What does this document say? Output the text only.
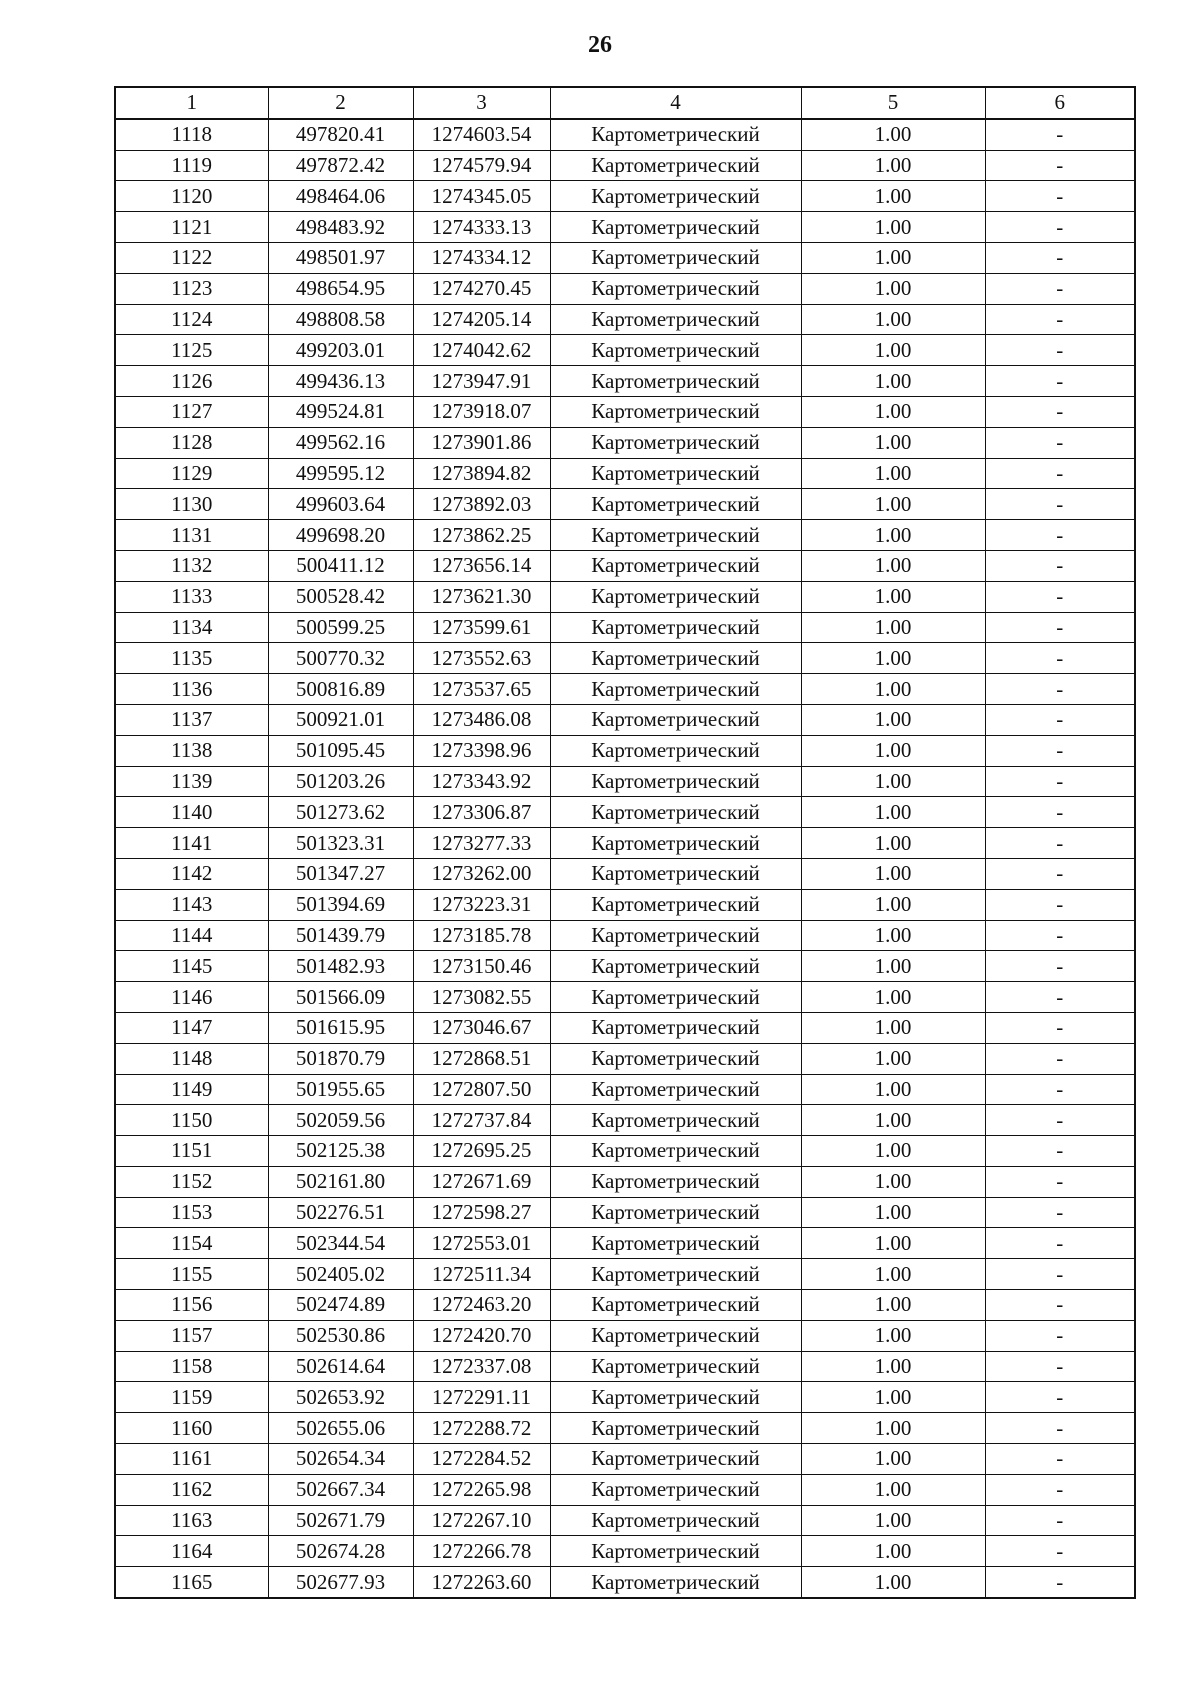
26
1	2	3	4	5	6
1118	497820.41	1274603.54	Картометрический	1.00	-
1119	497872.42	1274579.94	Картометрический	1.00	-
1120	498464.06	1274345.05	Картометрический	1.00	-
1121	498483.92	1274333.13	Картометрический	1.00	-
1122	498501.97	1274334.12	Картометрический	1.00	-
1123	498654.95	1274270.45	Картометрический	1.00	-
1124	498808.58	1274205.14	Картометрический	1.00	-
1125	499203.01	1274042.62	Картометрический	1.00	-
1126	499436.13	1273947.91	Картометрический	1.00	-
1127	499524.81	1273918.07	Картометрический	1.00	-
1128	499562.16	1273901.86	Картометрический	1.00	-
1129	499595.12	1273894.82	Картометрический	1.00	-
1130	499603.64	1273892.03	Картометрический	1.00	-
1131	499698.20	1273862.25	Картометрический	1.00	-
1132	500411.12	1273656.14	Картометрический	1.00	-
1133	500528.42	1273621.30	Картометрический	1.00	-
1134	500599.25	1273599.61	Картометрический	1.00	-
1135	500770.32	1273552.63	Картометрический	1.00	-
1136	500816.89	1273537.65	Картометрический	1.00	-
1137	500921.01	1273486.08	Картометрический	1.00	-
1138	501095.45	1273398.96	Картометрический	1.00	-
1139	501203.26	1273343.92	Картометрический	1.00	-
1140	501273.62	1273306.87	Картометрический	1.00	-
1141	501323.31	1273277.33	Картометрический	1.00	-
1142	501347.27	1273262.00	Картометрический	1.00	-
1143	501394.69	1273223.31	Картометрический	1.00	-
1144	501439.79	1273185.78	Картометрический	1.00	-
1145	501482.93	1273150.46	Картометрический	1.00	-
1146	501566.09	1273082.55	Картометрический	1.00	-
1147	501615.95	1273046.67	Картометрический	1.00	-
1148	501870.79	1272868.51	Картометрический	1.00	-
1149	501955.65	1272807.50	Картометрический	1.00	-
1150	502059.56	1272737.84	Картометрический	1.00	-
1151	502125.38	1272695.25	Картометрический	1.00	-
1152	502161.80	1272671.69	Картометрический	1.00	-
1153	502276.51	1272598.27	Картометрический	1.00	-
1154	502344.54	1272553.01	Картометрический	1.00	-
1155	502405.02	1272511.34	Картометрический	1.00	-
1156	502474.89	1272463.20	Картометрический	1.00	-
1157	502530.86	1272420.70	Картометрический	1.00	-
1158	502614.64	1272337.08	Картометрический	1.00	-
1159	502653.92	1272291.11	Картометрический	1.00	-
1160	502655.06	1272288.72	Картометрический	1.00	-
1161	502654.34	1272284.52	Картометрический	1.00	-
1162	502667.34	1272265.98	Картометрический	1.00	-
1163	502671.79	1272267.10	Картометрический	1.00	-
1164	502674.28	1272266.78	Картометрический	1.00	-
1165	502677.93	1272263.60	Картометрический	1.00	-
